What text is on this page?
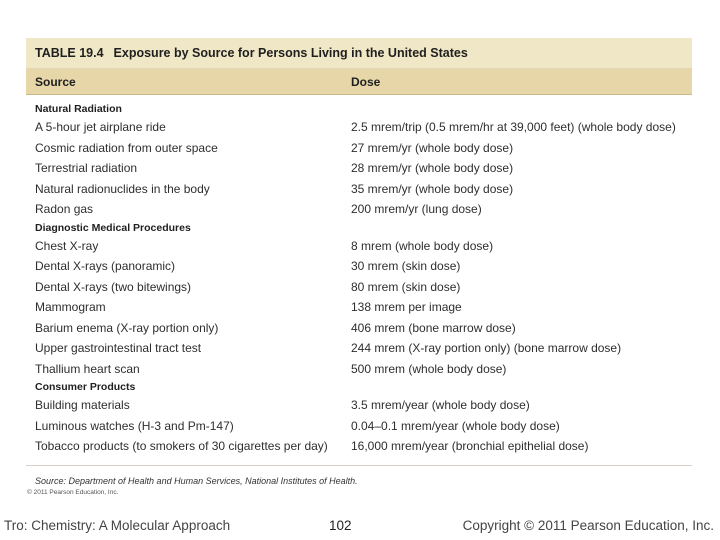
TABLE 19.4 Exposure by Source for Persons Living in the United States
Source	Dose
Natural Radiation
A 5-hour jet airplane ride	2.5 mrem/trip (0.5 mrem/hr at 39,000 feet) (whole body dose)
Cosmic radiation from outer space	27 mrem/yr (whole body dose)
Terrestrial radiation	28 mrem/yr (whole body dose)
Natural radionuclides in the body	35 mrem/yr (whole body dose)
Radon gas	200 mrem/yr (lung dose)
Diagnostic Medical Procedures
Chest X-ray	8 mrem (whole body dose)
Dental X-rays (panoramic)	30 mrem (skin dose)
Dental X-rays (two bitewings)	80 mrem (skin dose)
Mammogram	138 mrem per image
Barium enema (X-ray portion only)	406 mrem (bone marrow dose)
Upper gastrointestinal tract test	244 mrem (X-ray portion only) (bone marrow dose)
Thallium heart scan	500 mrem (whole body dose)
Consumer Products
Building materials	3.5 mrem/year (whole body dose)
Luminous watches (H-3 and Pm-147)	0.04–0.1 mrem/year (whole body dose)
Tobacco products (to smokers of 30 cigarettes per day)	16,000 mrem/year (bronchial epithelial dose)
Source: Department of Health and Human Services, National Institutes of Health.
© 2011 Pearson Education, Inc.
Tro: Chemistry: A Molecular Approach	102	Copyright © 2011 Pearson Education, Inc.
